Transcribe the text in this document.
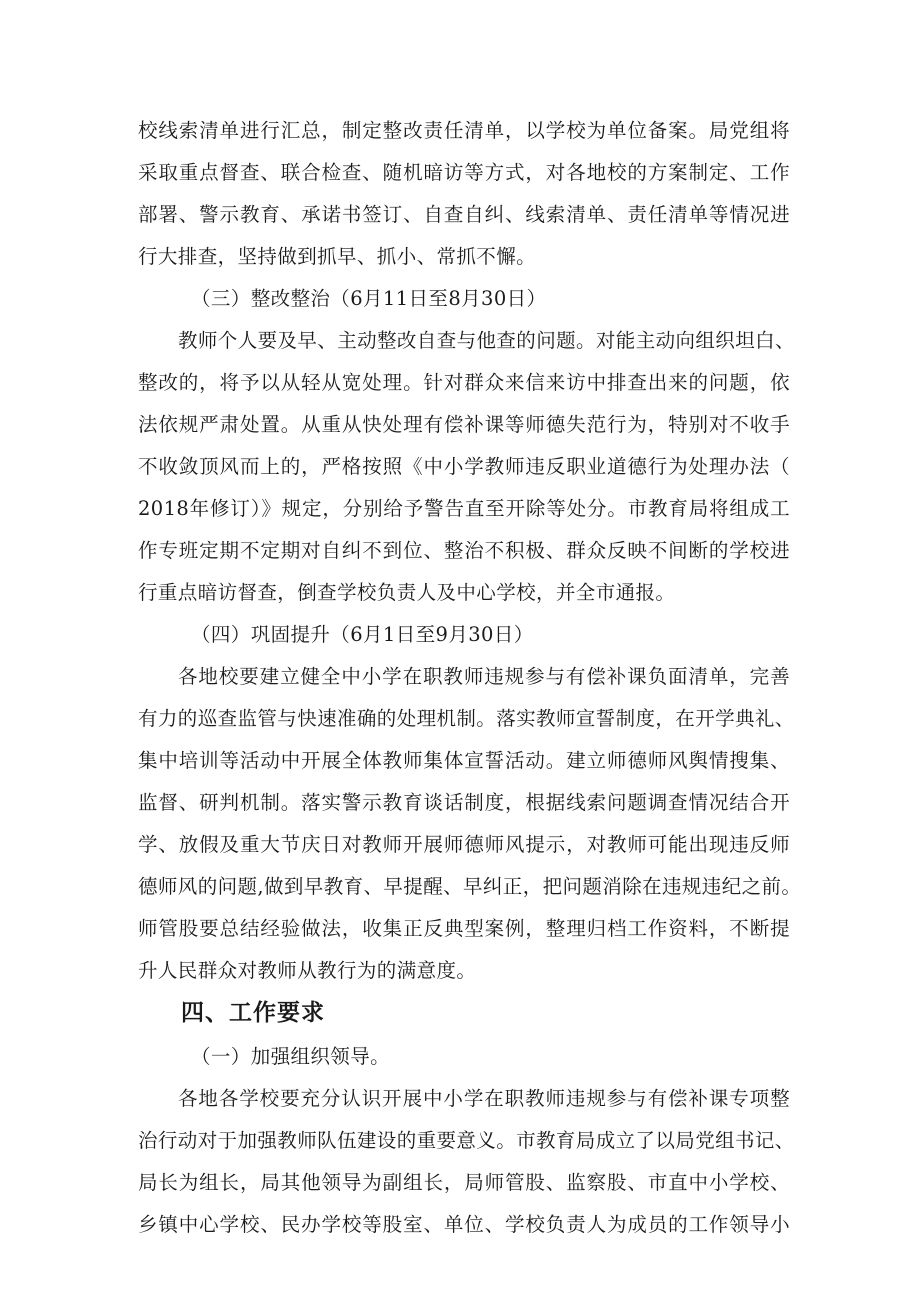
校线索清单进行汇总，制定整改责任清单，以学校为单位备案。局党组将
采取重点督查、联合检查、随机暗访等方式，对各地校的方案制定、工作
部署、警示教育、承诺书签订、自查自纠、线索清单、责任清单等情况进
行大排查，坚持做到抓早、抓小、常抓不懈。
（三）整改整治（6月11日至8月30日）
教师个人要及早、主动整改自查与他查的问题。对能主动向组织坦白、
整改的，将予以从轻从宽处理。针对群众来信来访中排查出来的问题，依
法依规严肃处置。从重从快处理有偿补课等师德失范行为，特别对不收手
不收敛顶风而上的，严格按照《中小学教师违反职业道德行为处理办法（
2018年修订）》规定，分别给予警告直至开除等处分。市教育局将组成工
作专班定期不定期对自纠不到位、整治不积极、群众反映不间断的学校进
行重点暗访督查，倒查学校负责人及中心学校，并全市通报。
（四）巩固提升（6月1日至9月30日）
各地校要建立健全中小学在职教师违规参与有偿补课负面清单，完善
有力的巡查监管与快速准确的处理机制。落实教师宣誓制度，在开学典礼、
集中培训等活动中开展全体教师集体宣誓活动。建立师德师风舆情搜集、
监督、研判机制。落实警示教育谈话制度，根据线索问题调查情况结合开
学、放假及重大节庆日对教师开展师德师风提示，对教师可能出现违反师
德师风的问题,做到早教育、早提醒、早纠正，把问题消除在违规违纪之前。
师管股要总结经验做法，收集正反典型案例，整理归档工作资料，不断提
升人民群众对教师从教行为的满意度。
四、工作要求
（一）加强组织领导。
各地各学校要充分认识开展中小学在职教师违规参与有偿补课专项整
治行动对于加强教师队伍建设的重要意义。市教育局成立了以局党组书记、
局长为组长，局其他领导为副组长，局师管股、监察股、市直中小学校、
乡镇中心学校、民办学校等股室、单位、学校负责人为成员的工作领导小
